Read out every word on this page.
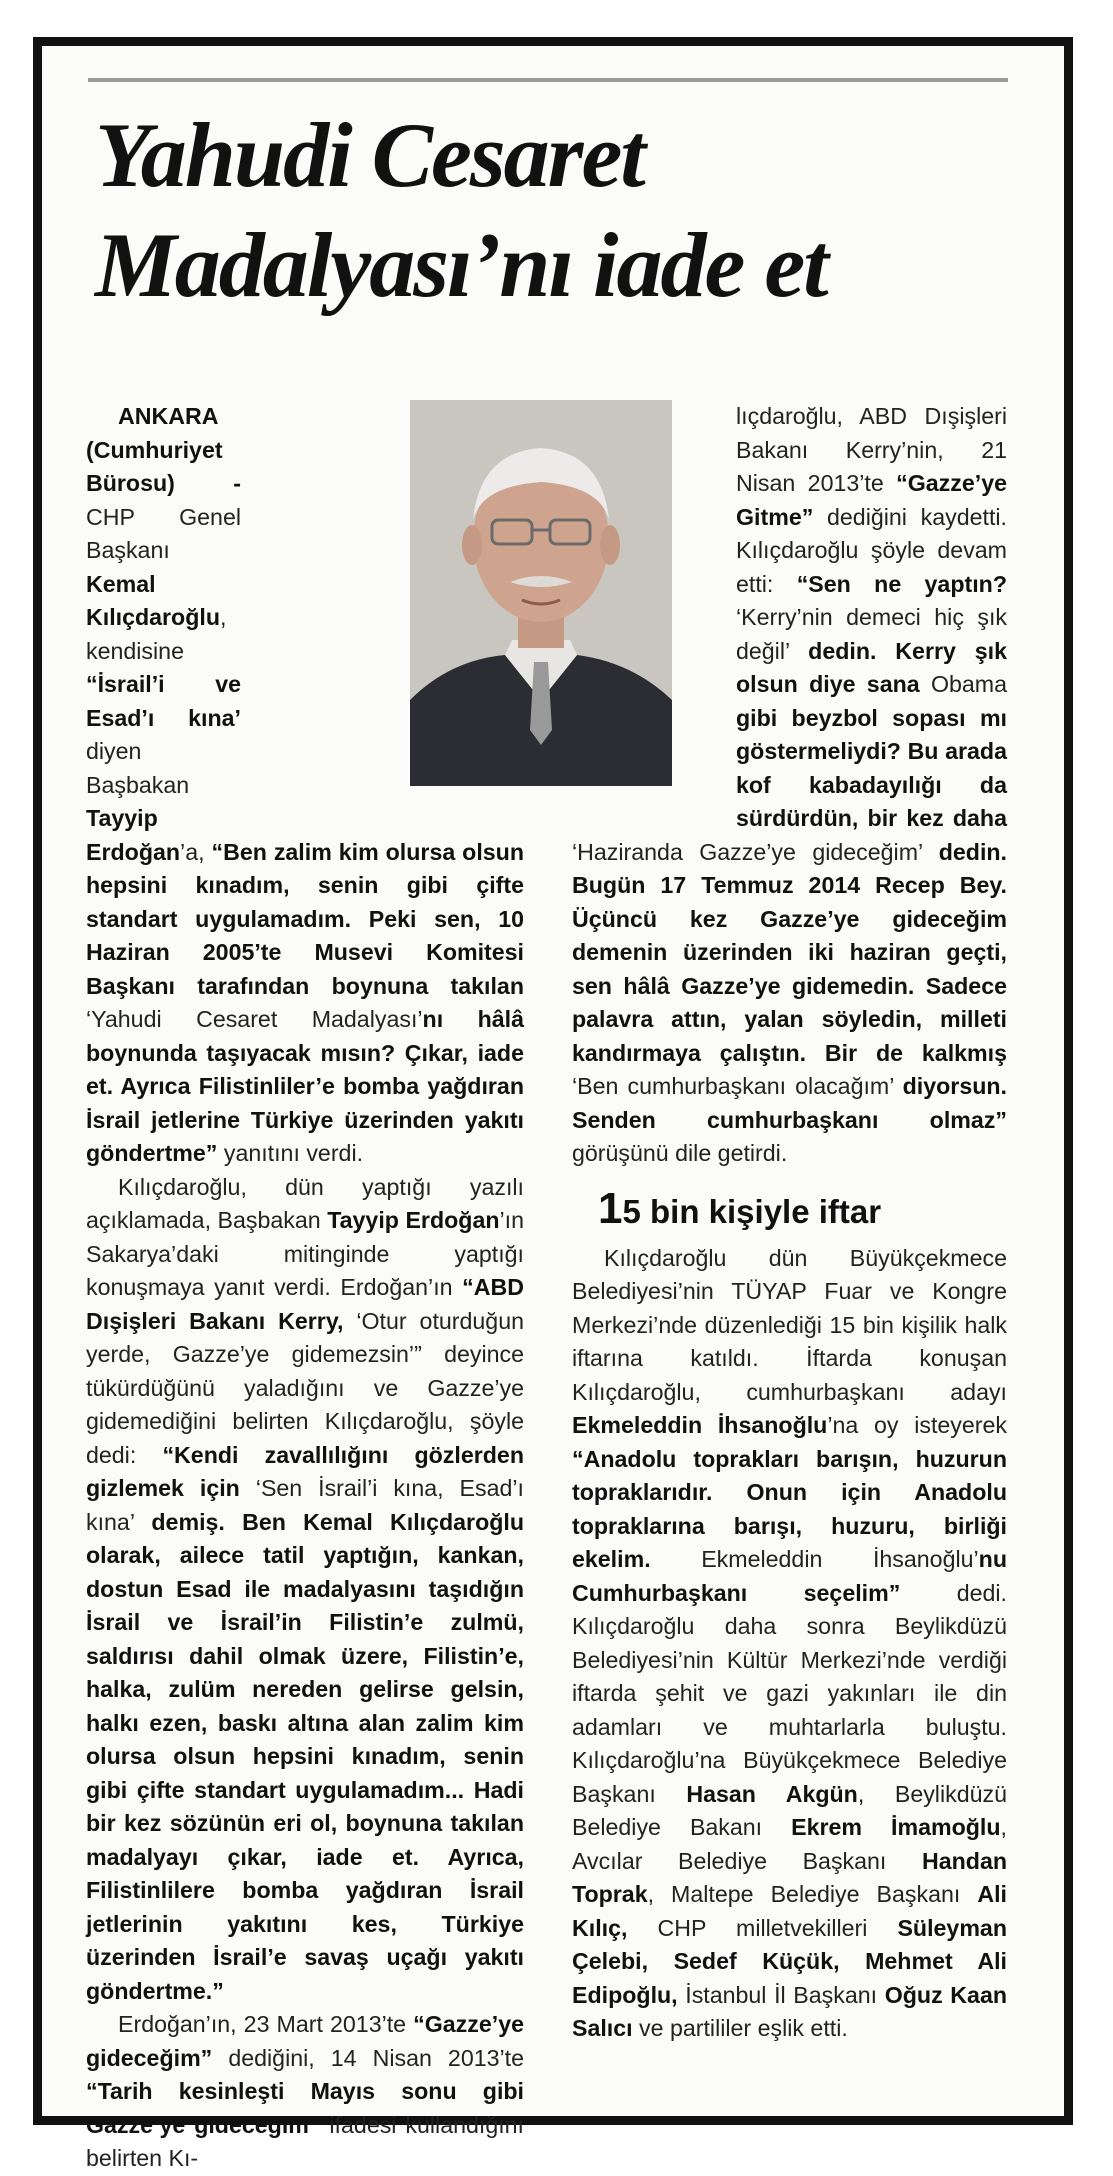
Yahudi Cesaret Madalyası’nı iade et

ANKARA (Cumhuriyet Bürosu) - CHP Genel Başkanı Kemal Kılıçdaroğlu, kendisine “İsrail’i ve Esad’ı kına’ diyen Başbakan Tayyip Erdoğan’a, “Ben zalim kim olursa olsun hepsini kınadım, senin gibi çifte standart uygulamadım. Peki sen, 10 Haziran 2005’te Musevi Komitesi Başkanı tarafından boynuna takılan ‘Yahudi Cesaret Madalyası’nı hâlâ boynunda taşıyacak mısın? Çıkar, iade et. Ayrıca Filistinliler’e bomba yağdıran İsrail jetlerine Türkiye üzerinden yakıtı göndertme” yanıtını verdi.

Kılıçdaroğlu, dün yaptığı yazılı açıklamada, Başbakan Tayyip Erdoğan’ın Sakarya’daki mitinginde yaptığı konuşmaya yanıt verdi. Erdoğan’ın “ABD Dışişleri Bakanı Kerry, ‘Otur oturduğun yerde, Gazze’ye gidemezsin’” deyince tükürdüğünü yaladığını ve Gazze’ye gidemediğini belirten Kılıçdaroğlu, şöyle dedi: “Kendi zavallılığını gözlerden gizlemek için ‘Sen İsrail’i kına, Esad’ı kına’ demiş. Ben Kemal Kılıçdaroğlu olarak, ailece tatil yaptığın, kankan, dostun Esad ile madalyasını taşıdığın İsrail ve İsrail’in Filistin’e zulmü, saldırısı dahil olmak üzere, Filistin’e, halka, zulüm nereden gelirse gelsin, halkı ezen, baskı altına alan zalim kim olursa olsun hepsini kınadım, senin gibi çifte standart uygulamadım... Hadi bir kez sözünün eri ol, boynuna takılan madalyayı çıkar, iade et. Ayrıca, Filistinlilere bomba yağdıran İsrail jetlerinin yakıtını kes, Türkiye üzerinden İsrail’e savaş uçağı yakıtı göndertme.”

Erdoğan’ın, 23 Mart 2013’te “Gazze’ye gideceğim” dediğini, 14 Nisan 2013’te “Tarih kesinleşti Mayıs sonu gibi Gazze’ye gideceğim” ifadesi kullandığını belirten Kı-

lıçdaroğlu, ABD Dışişleri Bakanı Kerry’nin, 21 Nisan 2013’te “Gazze’ye Gitme” dediğini kaydetti. Kılıçdaroğlu şöyle devam etti: “Sen ne yaptın? ‘Kerry’nin demeci hiç şık değil’ dedin. Kerry şık olsun diye sana Obama gibi beyzbol sopası mı göstermeliydi? Bu arada kof kabadayılığı da sürdürdün, bir kez daha ‘Haziranda Gazze’ye gideceğim’ dedin. Bugün 17 Temmuz 2014 Recep Bey. Üçüncü kez Gazze’ye gideceğim demenin üzerinden iki haziran geçti, sen hâlâ Gazze’ye gidemedin. Sadece palavra attın, yalan söyledin, milleti kandırmaya çalıştın. Bir de kalkmış ‘Ben cumhurbaşkanı olacağım’ diyorsun. Senden cumhurbaşkanı olmaz” görüşünü dile getirdi.

15 bin kişiyle iftar

Kılıçdaroğlu dün Büyükçekmece Belediyesi’nin TÜYAP Fuar ve Kongre Merkezi’nde düzenlediği 15 bin kişilik halk iftarına katıldı. İftarda konuşan Kılıçdaroğlu, cumhurbaşkanı adayı Ekmeleddin İhsanoğlu’na oy isteyerek “Anadolu toprakları barışın, huzurun topraklarıdır. Onun için Anadolu topraklarına barışı, huzuru, birliği ekelim. Ekmeleddin İhsanoğlu’nu Cumhurbaşkanı seçelim” dedi. Kılıçdaroğlu daha sonra Beylikdüzü Belediyesi’nin Kültür Merkezi’nde verdiği iftarda şehit ve gazi yakınları ile din adamları ve muhtarlarla buluştu. Kılıçdaroğlu’na Büyükçekmece Belediye Başkanı Hasan Akgün, Beylikdüzü Belediye Bakanı Ekrem İmamoğlu, Avcılar Belediye Başkanı Handan Toprak, Maltepe Belediye Başkanı Ali Kılıç, CHP milletvekilleri Süleyman Çelebi, Sedef Küçük, Mehmet Ali Edipoğlu, İstanbul İl Başkanı Oğuz Kaan Salıcı ve partililer eşlik etti.
